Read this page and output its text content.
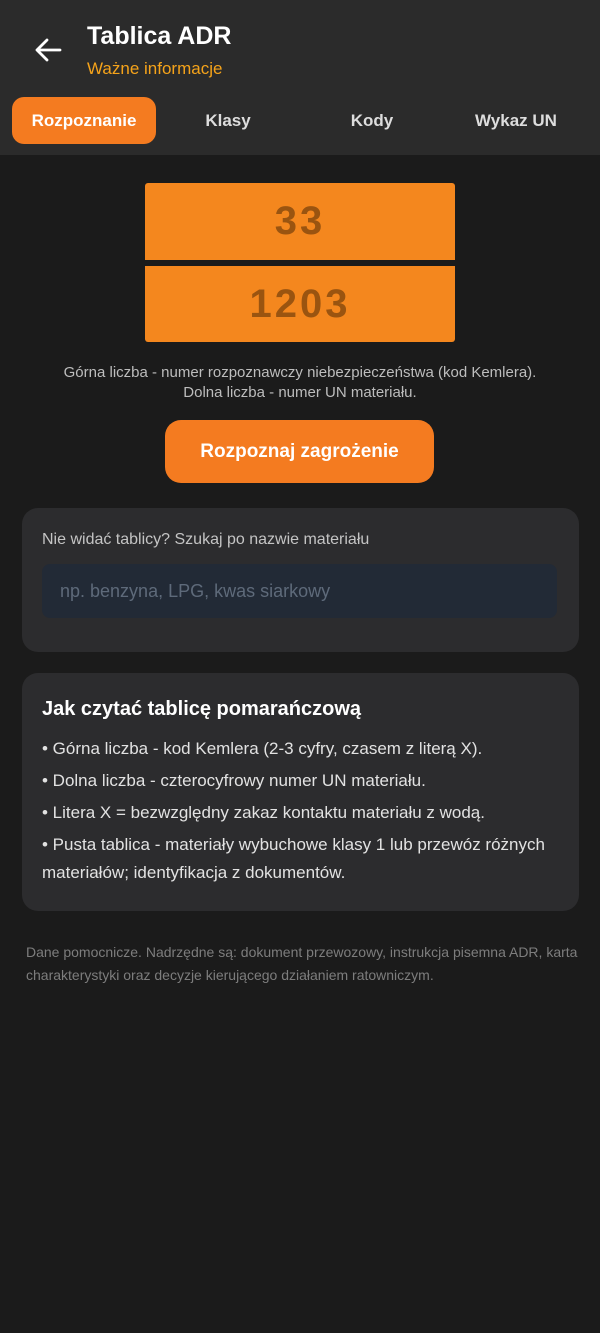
Tablica ADR
Ważne informacje
Rozpoznanie	Klasy	Kody	Wykaz UN
33
1203
Górna liczba - numer rozpoznawczy niebezpieczeństwa (kod Kemlera).
Dolna liczba - numer UN materiału.
Rozpoznaj zagrożenie
Nie widać tablicy? Szukaj po nazwie materiału
np. benzyna, LPG, kwas siarkowy
Jak czytać tablicę pomarańczową
• Górna liczba - kod Kemlera (2-3 cyfry, czasem z literą X).
• Dolna liczba - czterocyfrowy numer UN materiału.
• Litera X = bezwzględny zakaz kontaktu materiału z wodą.
• Pusta tablica - materiały wybuchowe klasy 1 lub przewóz różnych materiałów; identyfikacja z dokumentów.
Dane pomocnicze. Nadrzędne są: dokument przewozowy, instrukcja pisemna ADR, karta charakterystyki oraz decyzje kierującego działaniem ratowniczym.
